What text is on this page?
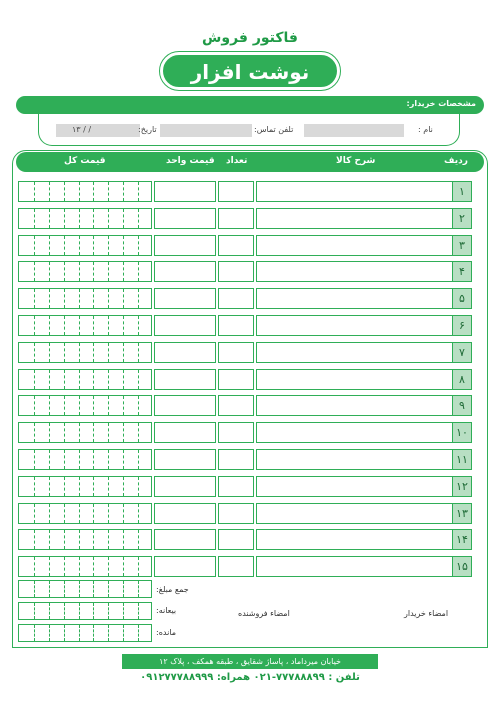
فاکتور فروش
نوشت افزار
مشخصات خریدار:
نام :
تلفن تماس:
تاریخ:
/ / ۱۳
ردیف
شرح کالا
تعداد
قیمت واحد
قیمت کل
۱
۲
۳
۴
۵
۶
۷
۸
۹
۱۰
۱۱
۱۲
۱۳
۱۴
۱۵
جمع مبلغ:
بیعانه:
مانده:
امضاء فروشنده	امضاء خریدار
خیابان میرداماد ، پاساژ شقایق ، طبقه همکف ، پلاک ۱۲
تلفن : ۷۷۷۸۸۸۹۹-۰۲۱ همراه: ۰۹۱۲۷۷۷۸۸۹۹۹
